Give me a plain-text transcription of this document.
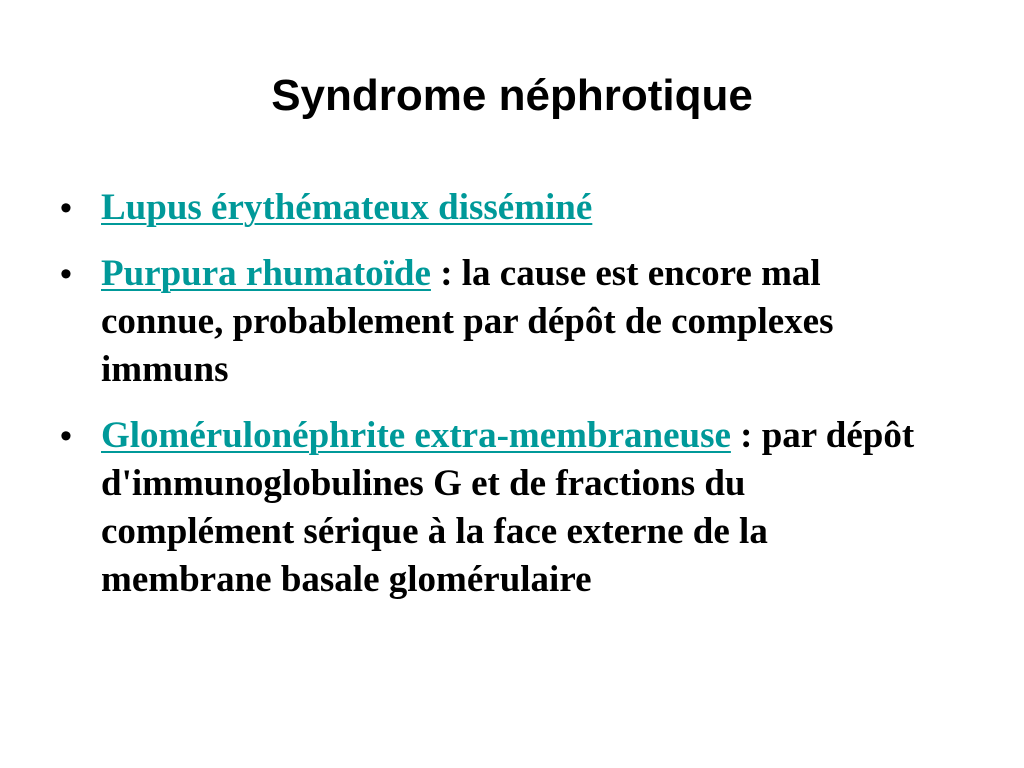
Syndrome néphrotique
• Lupus érythémateux disséminé
• Purpura rhumatoïde : la cause est encore mal connue, probablement par dépôt de complexes immuns
• Glomérulonéphrite extra-membraneuse : par dépôt d'immunoglobulines G et de fractions du complément sérique à la face externe de la membrane basale glomérulaire
